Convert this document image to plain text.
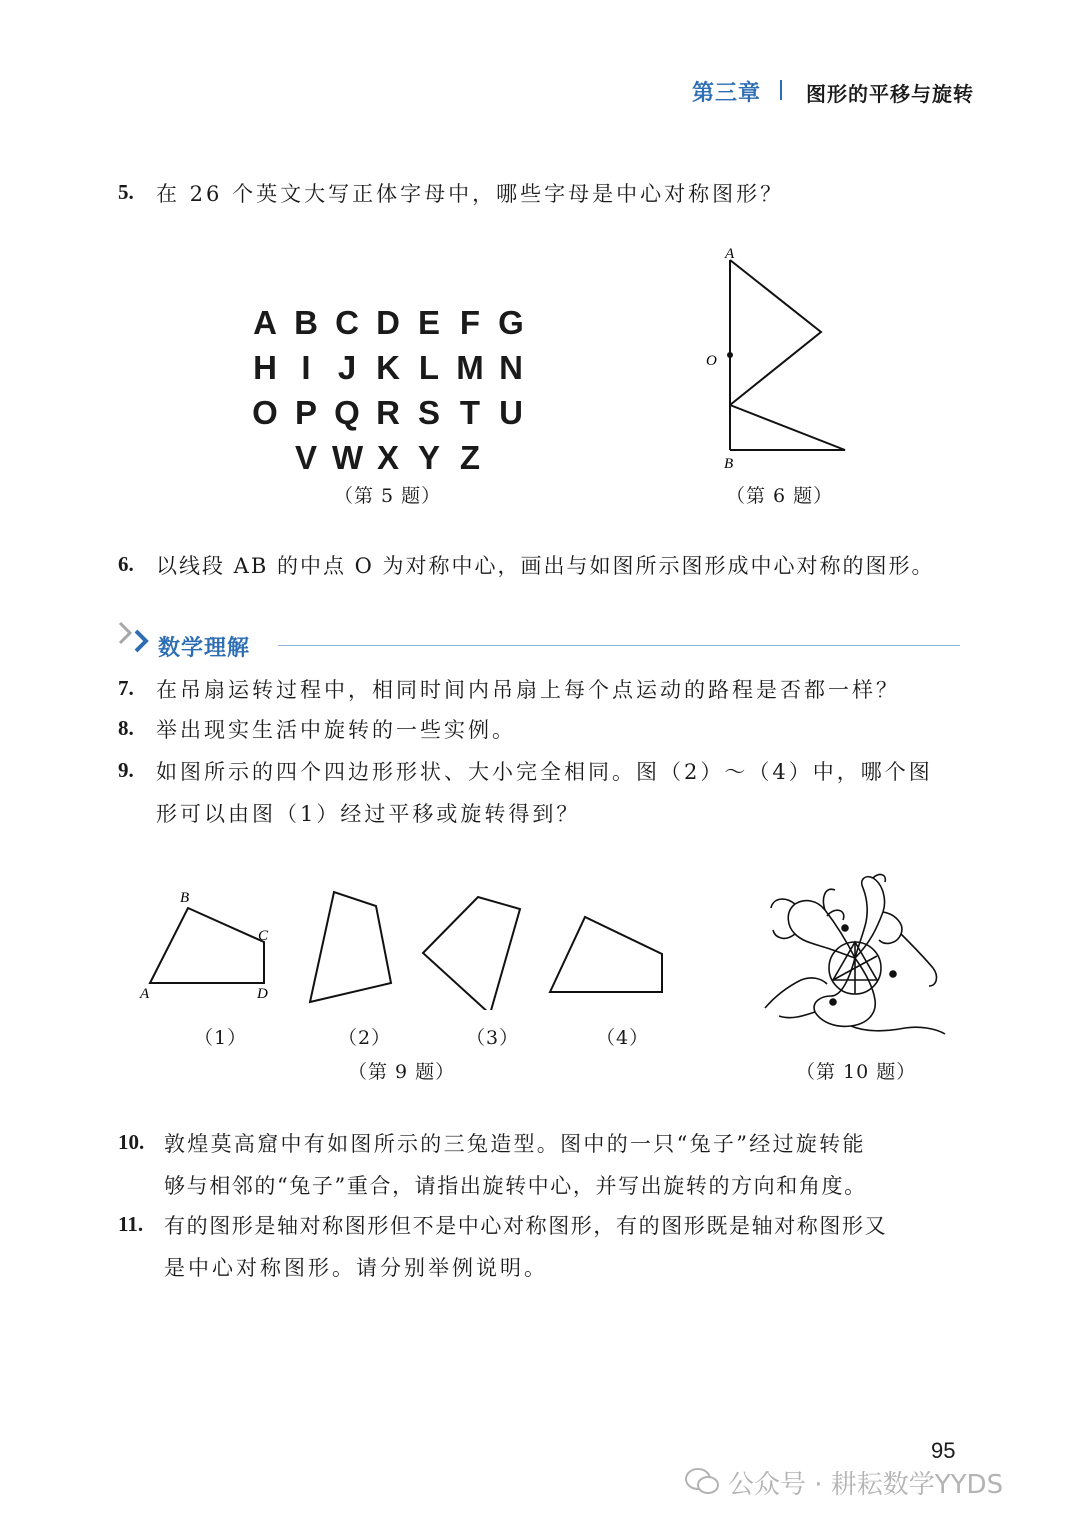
第三章 图形的平移与旋转
5. 在 26 个英文大写正体字母中，哪些字母是中心对称图形？
A B C D E F G
H I J K L M N
O P Q R S T U
V W X Y Z
（第 5 题）
A
O
B
（第 6 题）
6. 以线段 AB 的中点 O 为对称中心，画出与如图所示图形成中心对称的图形。
数学理解
7. 在吊扇运转过程中，相同时间内吊扇上每个点运动的路程是否都一样？
8. 举出现实生活中旋转的一些实例。
9. 如图所示的四个四边形形状、大小完全相同。图（2）～（4）中，哪个图
形可以由图（1）经过平移或旋转得到？
A
B
C
D
（1）	（2）	（3）	（4）
（第 9 题）	（第 10 题）
10. 敦煌莫高窟中有如图所示的三兔造型。图中的一只“兔子”经过旋转能
够与相邻的“兔子”重合，请指出旋转中心，并写出旋转的方向和角度。
11. 有的图形是轴对称图形但不是中心对称图形，有的图形既是轴对称图形又
是中心对称图形。请分别举例说明。
95
公众号 · 耕耘数学YYDS
